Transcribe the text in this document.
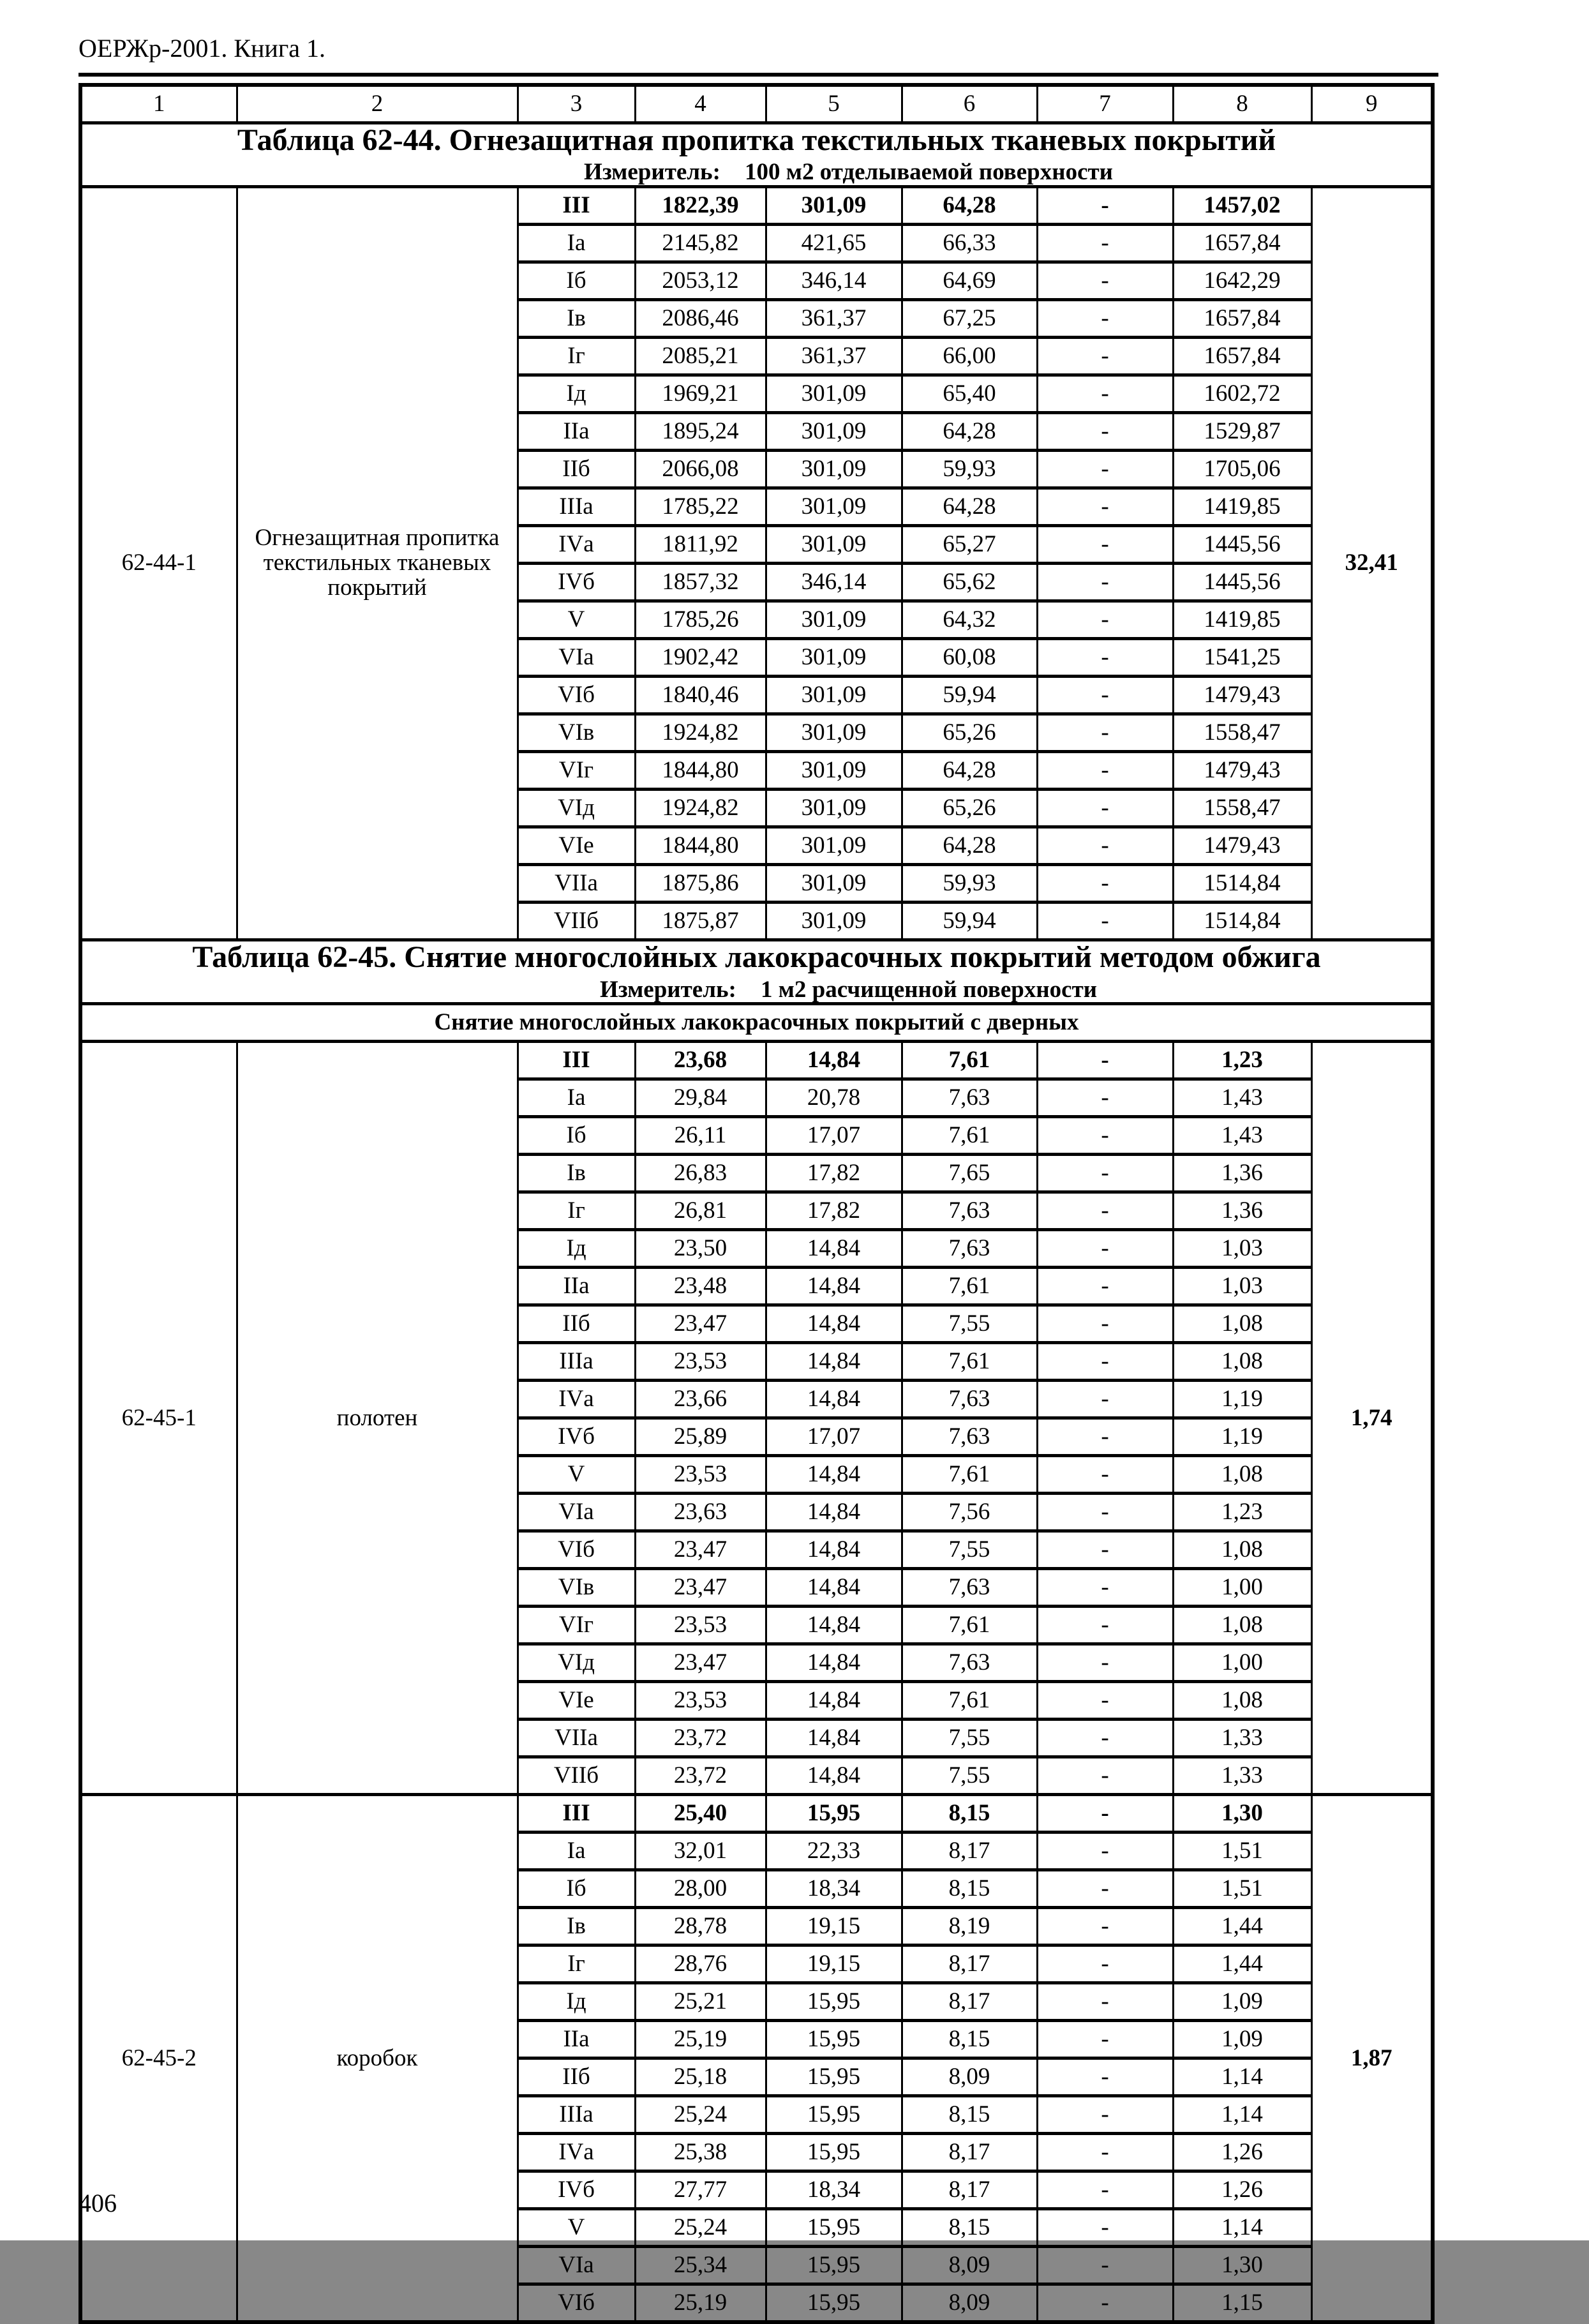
ОЕРЖр-2001. Книга 1.
1	2	3	4	5	6	7	8	9

Таблица 62-44. Огнезащитная пропитка текстильных тканевых покрытий
Измеритель: 100 м2 отделываемой поверхности								

62-44-1	Огнезащитная пропитка текстильных тканевых покрытий	III	1822,39	301,09	64,28	-	1457,02	32,41
		Iа	2145,82	421,65	66,33	-	1657,84	
		Iб	2053,12	346,14	64,69	-	1642,29	
		Iв	2086,46	361,37	67,25	-	1657,84	
		Iг	2085,21	361,37	66,00	-	1657,84	
		Iд	1969,21	301,09	65,40	-	1602,72	
		IIа	1895,24	301,09	64,28	-	1529,87	
		IIб	2066,08	301,09	59,93	-	1705,06	
		IIIа	1785,22	301,09	64,28	-	1419,85	
		IVа	1811,92	301,09	65,27	-	1445,56	
		IVб	1857,32	346,14	65,62	-	1445,56	
		V	1785,26	301,09	64,32	-	1419,85	
		VIа	1902,42	301,09	60,08	-	1541,25	
		VIб	1840,46	301,09	59,94	-	1479,43	
		VIв	1924,82	301,09	65,26	-	1558,47	
		VIг	1844,80	301,09	64,28	-	1479,43	
		VIд	1924,82	301,09	65,26	-	1558,47	
		VIе	1844,80	301,09	64,28	-	1479,43	
		VIIа	1875,86	301,09	59,93	-	1514,84	
		VIIб	1875,87	301,09	59,94	-	1514,84	

Таблица 62-45. Снятие многослойных лакокрасочных покрытий методом обжига
Измеритель: 1 м2 расчищенной поверхности								

Снятие многослойных лакокрасочных покрытий с дверных								
62-45-1	полотен	III	23,68	14,84	7,61	-	1,23	1,74
		Iа	29,84	20,78	7,63	-	1,43	
		Iб	26,11	17,07	7,61	-	1,43	
		Iв	26,83	17,82	7,65	-	1,36	
		Iг	26,81	17,82	7,63	-	1,36	
		Iд	23,50	14,84	7,63	-	1,03	
		IIа	23,48	14,84	7,61	-	1,03	
		IIб	23,47	14,84	7,55	-	1,08	
		IIIа	23,53	14,84	7,61	-	1,08	
		IVа	23,66	14,84	7,63	-	1,19	
		IVб	25,89	17,07	7,63	-	1,19	
		V	23,53	14,84	7,61	-	1,08	
		VIа	23,63	14,84	7,56	-	1,23	
		VIб	23,47	14,84	7,55	-	1,08	
		VIв	23,47	14,84	7,63	-	1,00	
		VIг	23,53	14,84	7,61	-	1,08	
		VIд	23,47	14,84	7,63	-	1,00	
		VIе	23,53	14,84	7,61	-	1,08	
		VIIа	23,72	14,84	7,55	-	1,33	
		VIIб	23,72	14,84	7,55	-	1,33	
62-45-2	коробок	III	25,40	15,95	8,15	-	1,30	1,87
		Iа	32,01	22,33	8,17	-	1,51	
		Iб	28,00	18,34	8,15	-	1,51	
		Iв	28,78	19,15	8,19	-	1,44	
		Iг	28,76	19,15	8,17	-	1,44	
		Iд	25,21	15,95	8,17	-	1,09	
		IIа	25,19	15,95	8,15	-	1,09	
		IIб	25,18	15,95	8,09	-	1,14	
		IIIа	25,24	15,95	8,15	-	1,14	
		IVа	25,38	15,95	8,17	-	1,26	
		IVб	27,77	18,34	8,17	-	1,26	
		V	25,24	15,95	8,15	-	1,14	
		VIа	25,34	15,95	8,09	-	1,30	
		VIб	25,19	15,95	8,09	-	1,15	
406
